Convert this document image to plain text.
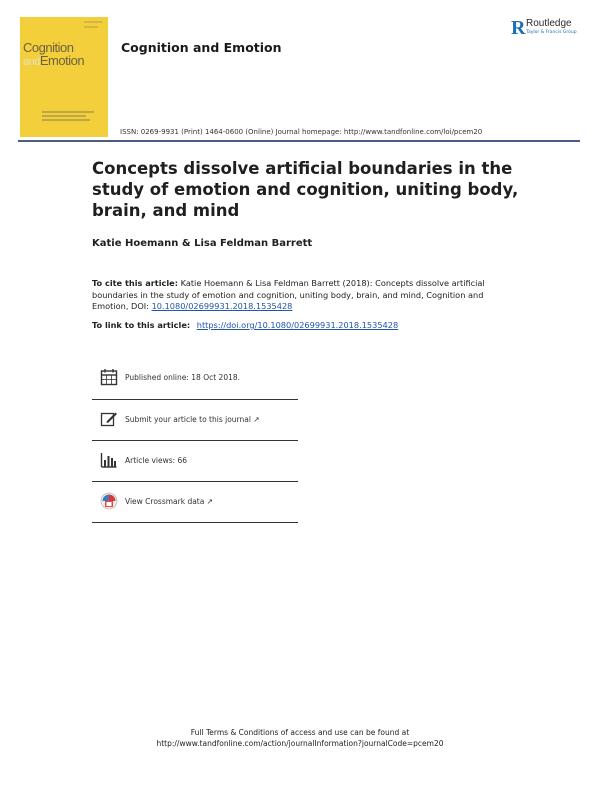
Cognition
andEmotion
Cognition and Emotion
R Routledge
Taylor & Francis Group
ISSN: 0269-9931 (Print) 1464-0600 (Online) Journal homepage: http://www.tandfonline.com/loi/pcem20
Concepts dissolve artificial boundaries in the study of emotion and cognition, uniting body, brain, and mind
Katie Hoemann & Lisa Feldman Barrett
To cite this article: Katie Hoemann & Lisa Feldman Barrett (2018): Concepts dissolve artificial boundaries in the study of emotion and cognition, uniting body, brain, and mind, Cognition and Emotion, DOI: 10.1080/02699931.2018.1535428
To link to this article: https://doi.org/10.1080/02699931.2018.1535428
Published online: 18 Oct 2018.
Submit your article to this journal ↗
Article views: 66
View Crossmark data ↗
Full Terms & Conditions of access and use can be found at
http://www.tandfonline.com/action/journalInformation?journalCode=pcem20
